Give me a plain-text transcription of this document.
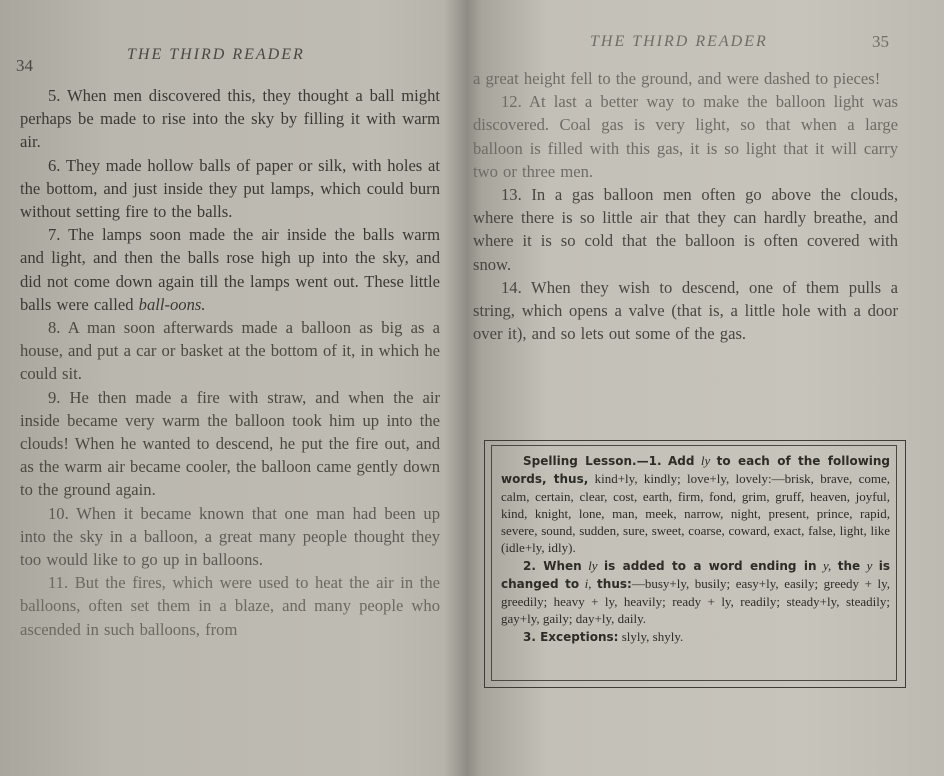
34
THE THIRD READER

5. When men discovered this, they thought a ball might perhaps be made to rise into the sky by filling it with warm air.

6. They made hollow balls of paper or silk, with holes at the bottom, and just inside they put lamps, which could burn without setting fire to the balls.

7. The lamps soon made the air inside the balls warm and light, and then the balls rose high up into the sky, and did not come down again till the lamps went out. These little balls were called ball-oons.

8. A man soon afterwards made a balloon as big as a house, and put a car or basket at the bottom of it, in which he could sit.

9. He then made a fire with straw, and when the air inside became very warm the balloon took him up into the clouds! When he wanted to descend, he put the fire out, and as the warm air became cooler, the balloon came gently down to the ground again.

10. When it became known that one man had been up into the sky in a balloon, a great many people thought they too would like to go up in balloons.

11. But the fires, which were used to heat the air in the balloons, often set them in a blaze, and many people who ascended in such balloons, from

THE THIRD READER	35

a great height fell to the ground, and were dashed to pieces!

12. At last a better way to make the balloon light was discovered. Coal gas is very light, so that when a large balloon is filled with this gas, it is so light that it will carry two or three men.

13. In a gas balloon men often go above the clouds, where there is so little air that they can hardly breathe, and where it is so cold that the balloon is often covered with snow.

14. When they wish to descend, one of them pulls a string, which opens a valve (that is, a little hole with a door over it), and so lets out some of the gas.

Spelling Lesson.—1. Add ly to each of the following words, thus, kind+ly, kindly; love+ly, lovely:—brisk, brave, come, calm, certain, clear, cost, earth, firm, fond, grim, gruff, heaven, joyful, kind, knight, lone, man, meek, narrow, night, present, prince, rapid, severe, sound, sudden, sure, sweet, coarse, coward, exact, false, light, like (idle+ly, idly).

2. When ly is added to a word ending in y, the y is changed to i, thus:—busy+ly, busily; easy+ly, easily; greedy + ly, greedily; heavy + ly, heavily; ready + ly, readily; steady+ly, steadily; gay+ly, gaily; day+ly, daily.

3. Exceptions: slyly, shyly.
